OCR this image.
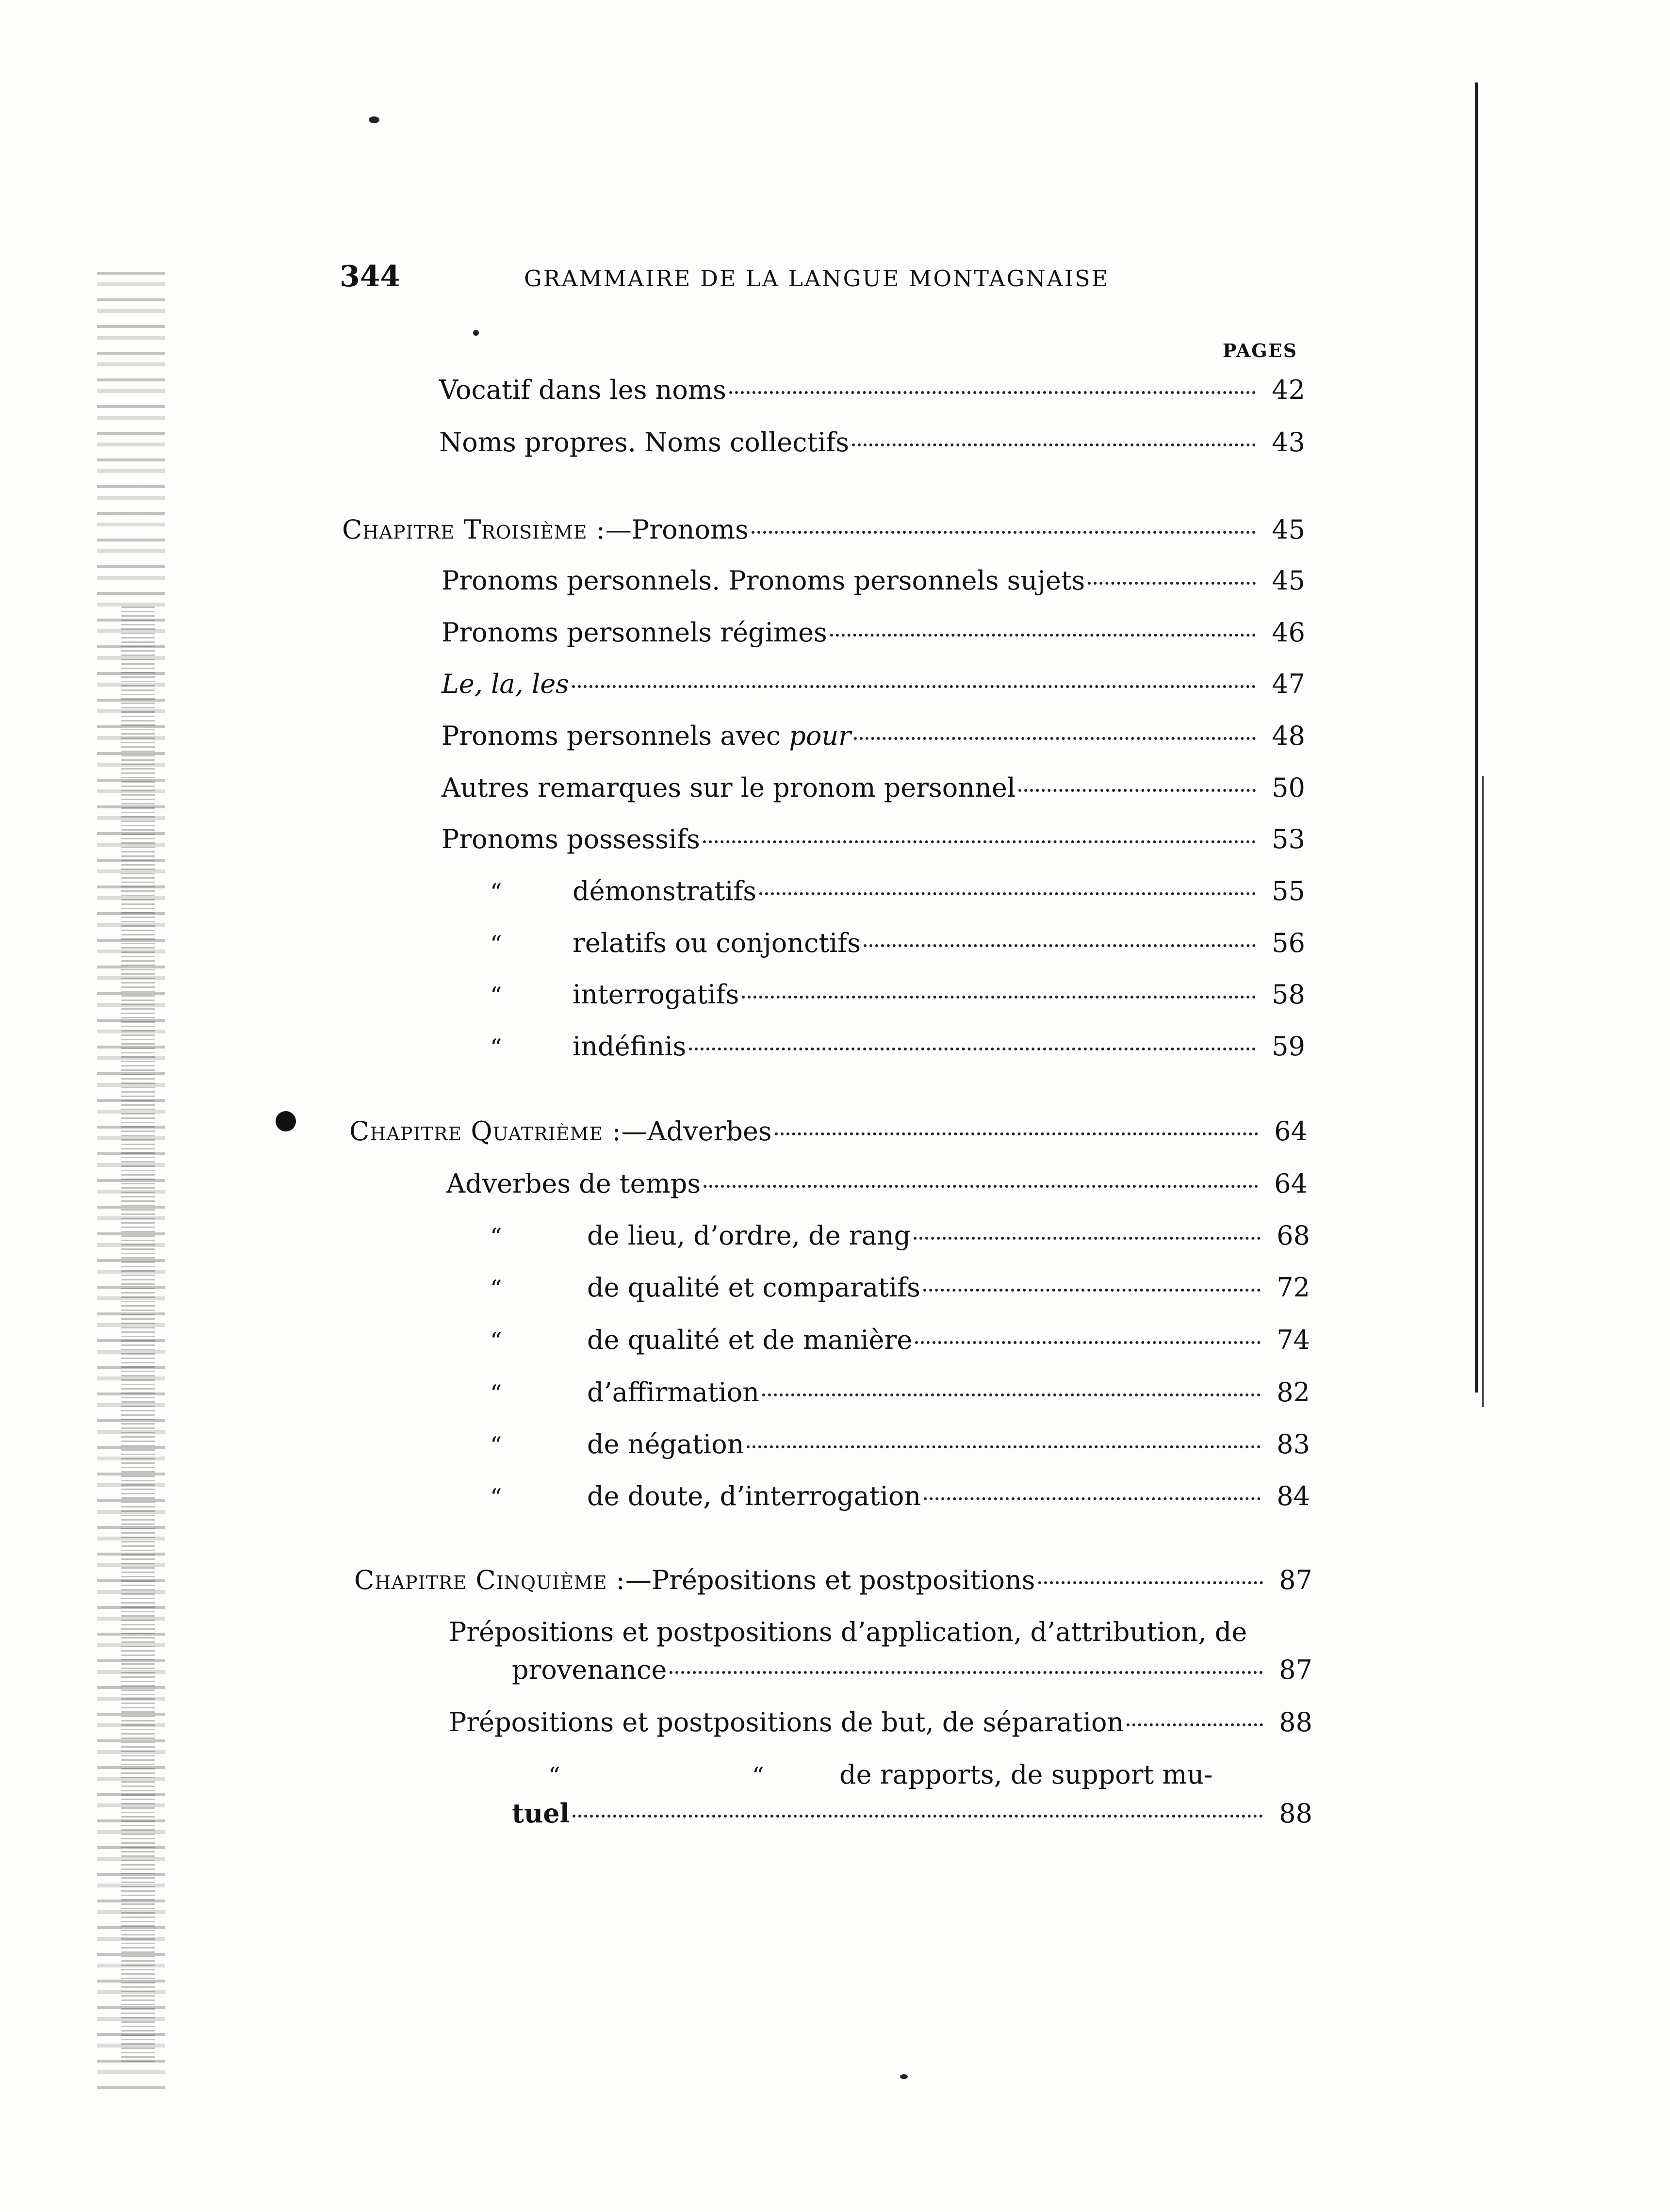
344	GRAMMAIRE DE LA LANGUE MONTAGNAISE
PAGES
Vocatif dans les noms	42
Noms propres. Noms collectifs	43
Chapitre Troisième :—Pronoms	45
Pronoms personnels. Pronoms personnels sujets	45
Pronoms personnels régimes	46
Le, la, les	47
Pronoms personnels avec pour	48
Autres remarques sur le pronom personnel	50
Pronoms possessifs	53
“	démonstratifs	55
“	relatifs ou conjonctifs	56
“	interrogatifs	58
“	indéfinis	59
Chapitre Quatrième :—Adverbes	64
Adverbes de temps	64
“	de lieu, d’ordre, de rang	68
“	de qualité et comparatifs	72
“	de qualité et de manière	74
“	d’affirmation	82
“	de négation	83
“	de doute, d’interrogation	84
Chapitre Cinquième :—Prépositions et postpositions	87
Prépositions et postpositions d’application, d’attribution, de
provenance	87
Prépositions et postpositions de but, de séparation	88
“	“	de rapports, de support mu-
tuel	88
